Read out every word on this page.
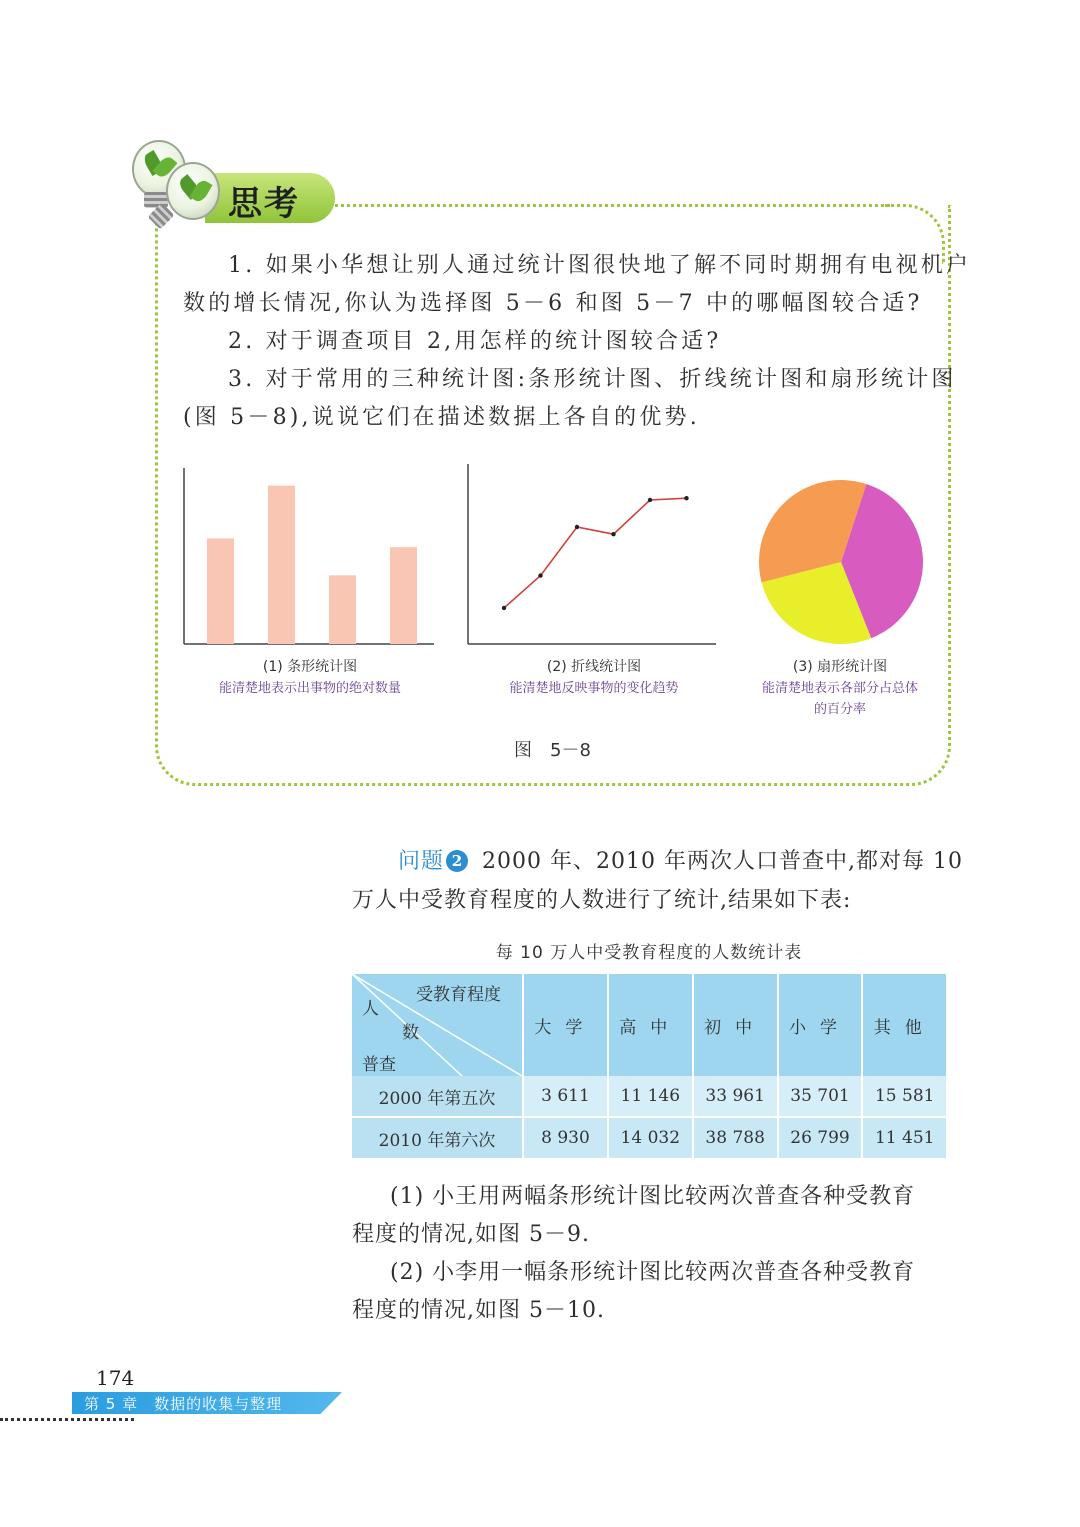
思考
1. 如果小华想让别人通过统计图很快地了解不同时期拥有电视机户
数的增长情况,你认为选择图 5－6 和图 5－7 中的哪幅图较合适?
2. 对于调查项目 2,用怎样的统计图较合适?
3. 对于常用的三种统计图:条形统计图、折线统计图和扇形统计图
(图 5－8),说说它们在描述数据上各自的优势.
(1) 条形统计图
能清楚地表示出事物的绝对数量
(2) 折线统计图
能清楚地反映事物的变化趋势
(3) 扇形统计图
能清楚地表示各部分占总体的百分率
图　5－8
问题 2 2000 年、2010 年两次人口普查中,都对每 10
万人中受教育程度的人数进行了统计,结果如下表:
每 10 万人中受教育程度的人数统计表
受教育程度
人
数
普查	大学	高中	初中	小学	其他
2000 年第五次	3 611	11 146	33 961	35 701	15 581
2010 年第六次	8 930	14 032	38 788	26 799	11 451
(1) 小王用两幅条形统计图比较两次普查各种受教育
程度的情况,如图 5－9.
(2) 小李用一幅条形统计图比较两次普查各种受教育
程度的情况,如图 5－10.
174
第 5 章　数据的收集与整理
